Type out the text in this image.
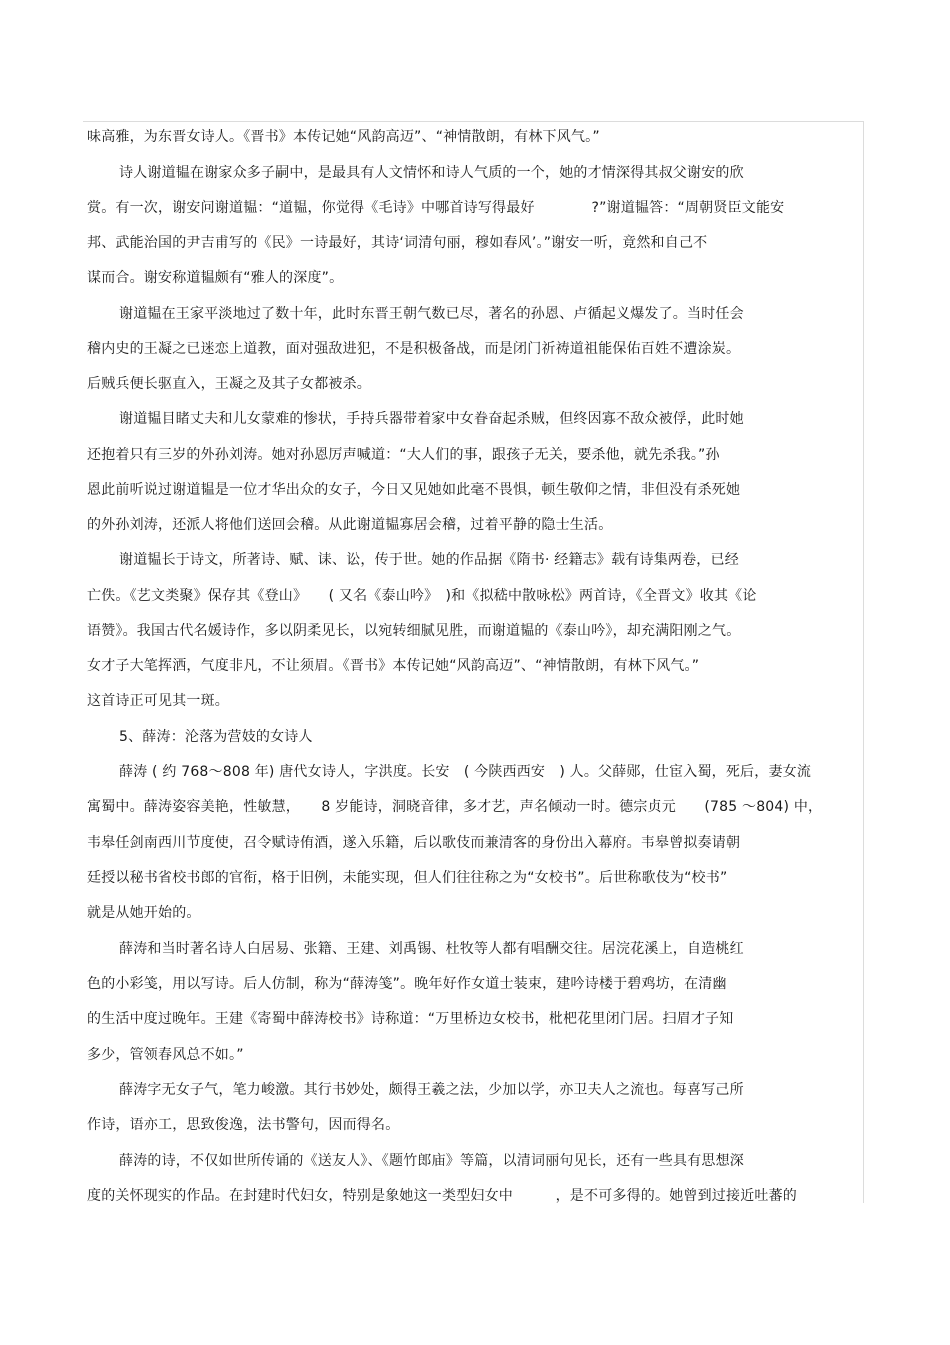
味高雅，为东晋女诗人。《晋书》本传记她“风韵高迈”、“神情散朗，有林下风气。”
诗人谢道韫在谢家众多子嗣中，是最具有人文情怀和诗人气质的一个，她的才情深得其叔父谢安的欣
赏。有一次，谢安问谢道韫：“道韫，你觉得《毛诗》中哪首诗写得最好　　　　?”谢道韫答：“周朝贤臣文能安
邦、武能治国的尹吉甫写的《民》一诗最好，其诗‘词清句丽，穆如春风’。”谢安一听，竟然和自己不
谋而合。谢安称道韫颇有“雅人的深度”。
谢道韫在王家平淡地过了数十年，此时东晋王朝气数已尽，著名的孙恩、卢循起义爆发了。当时任会
稽内史的王凝之已迷恋上道教，面对强敌进犯，不是积极备战，而是闭门祈祷道祖能保佑百姓不遭涂炭。
后贼兵便长驱直入，王凝之及其子女都被杀。
谢道韫目睹丈夫和儿女蒙难的惨状，手持兵器带着家中女眷奋起杀贼，但终因寡不敌众被俘，此时她
还抱着只有三岁的外孙刘涛。她对孙恩厉声喊道：“大人们的事，跟孩子无关，要杀他，就先杀我。”孙
恩此前听说过谢道韫是一位才华出众的女子，今日又见她如此毫不畏惧，顿生敬仰之情，非但没有杀死她
的外孙刘涛，还派人将他们送回会稽。从此谢道韫寡居会稽，过着平静的隐士生活。
谢道韫长于诗文，所著诗、赋、诔、讼，传于世。她的作品据《隋书· 经籍志》载有诗集两卷，已经
亡佚。《艺文类聚》保存其《登山》　　( 又名《泰山吟》　)和《拟嵇中散咏松》两首诗，《全晋文》收其《论
语赞》。我国古代名媛诗作，多以阴柔见长，以宛转细腻见胜，而谢道韫的《泰山吟》，却充满阳刚之气。
女才子大笔挥洒，气度非凡，不让须眉。《晋书》本传记她“风韵高迈”、“神情散朗，有林下风气。”
这首诗正可见其一斑。
5、薛涛：沦落为营妓的女诗人
薛涛 ( 约 768～808 年) 唐代女诗人，字洪度。长安　( 今陕西西安　) 人。父薛郧，仕宦入蜀，死后，妻女流
寓蜀中。薛涛姿容美艳，性敏慧，　　8 岁能诗，洞晓音律，多才艺，声名倾动一时。德宗贞元　　(785 ～804) 中，
韦皋任剑南西川节度使，召令赋诗侑酒，遂入乐籍，后以歌伎而兼清客的身份出入幕府。韦皋曾拟奏请朝
廷授以秘书省校书郎的官衔，格于旧例，未能实现，但人们往往称之为“女校书”。后世称歌伎为“校书”
就是从她开始的。
薛涛和当时著名诗人白居易、张籍、王建、刘禹锡、杜牧等人都有唱酬交往。居浣花溪上，自造桃红
色的小彩笺，用以写诗。后人仿制，称为“薛涛笺”。晚年好作女道士装束，建吟诗楼于碧鸡坊，在清幽
的生活中度过晚年。王建《寄蜀中薛涛校书》诗称道：“万里桥边女校书，枇杷花里闭门居。扫眉才子知
多少，管领春风总不如。”
薛涛字无女子气，笔力峻激。其行书妙处，颇得王羲之法，少加以学，亦卫夫人之流也。每喜写己所
作诗，语亦工，思致俊逸，法书警句，因而得名。
薛涛的诗，不仅如世所传诵的《送友人》、《题竹郎庙》等篇，以清词丽句见长，还有一些具有思想深
度的关怀现实的作品。在封建时代妇女，特别是象她这一类型妇女中　　　，是不可多得的。她曾到过接近吐蕃的
